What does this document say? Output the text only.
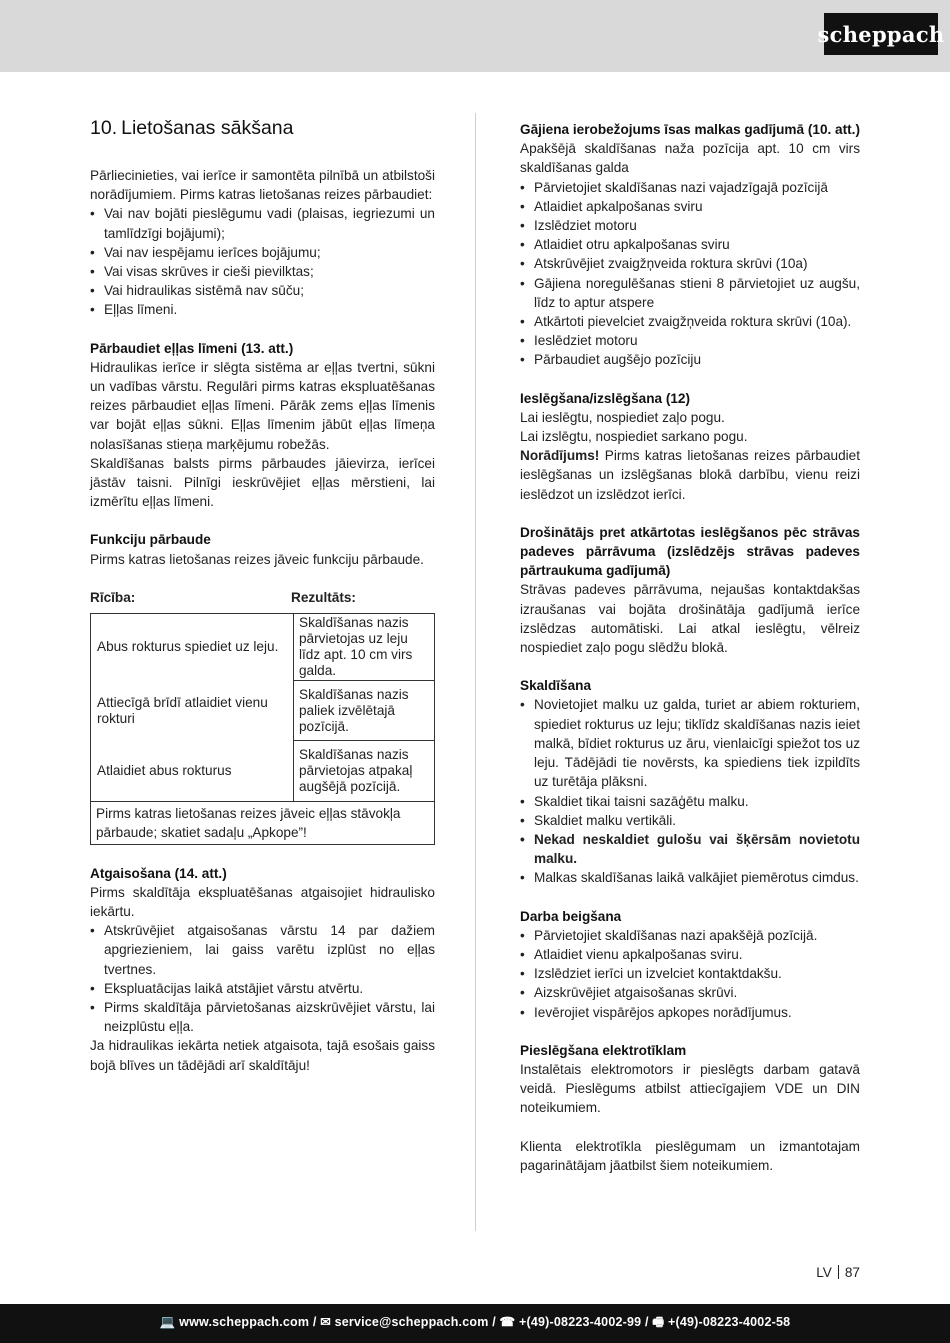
scheppach
10. Lietošanas sākšana

Pārliecinieties, vai ierīce ir samontēta pilnībā un atbilstoši norādījumiem. Pirms katras lietošanas reizes pārbaudiet:

• Vai nav bojāti pieslēgumu vadi (plaisas, iegriezumi un tamlīdzīgi bojājumi);
• Vai nav iespējamu ierīces bojājumu;
• Vai visas skrūves ir cieši pievilktas;
• Vai hidraulikas sistēmā nav sūču;
• Eļļas līmeni.
Pārbaudiet eļļas līmeni (13. att.)

Hidraulikas ierīce ir slēgta sistēma ar eļļas tvertni, sūkni un vadības vārstu. Regulāri pirms katras ekspluatēšanas reizes pārbaudiet eļļas līmeni. Pārāk zems eļļas līmenis var bojāt eļļas sūkni. Eļļas līmenim jābūt eļļas līmeņa nolasīšanas stieņa marķējumu robežās.

Skaldīšanas balsts pirms pārbaudes jāievirza, ierīcei jāstāv taisni. Pilnīgi ieskrūvējiet eļļas mērstieni, lai izmērītu eļļas līmeni.

Funkciju pārbaude

Pirms katras lietošanas reizes jāveic funkciju pārbaude.

Rīcība:	Rezultāts:
Abus rokturus spiediet uz leju.	Skaldīšanas nazis pārvietojas uz leju līdz apt. 10 cm virs galda.
Attiecīgā brīdī atlaidiet vienu rokturi	Skaldīšanas nazis paliek izvēlētajā pozīcijā.
Atlaidiet abus rokturus	Skaldīšanas nazis pārvietojas atpakaļ augšējā pozīcijā.
Pirms katras lietošanas reizes jāveic eļļas stāvokļa pārbaude; skatiet sadaļu „Apkope”!	
Atgaisošana (14. att.)

Pirms skaldītāja ekspluatēšanas atgaisojiet hidraulisko iekārtu.

• Atskrūvējiet atgaisošanas vārstu 14 par dažiem apgriezieniem, lai gaiss varētu izplūst no eļļas tvertnes.
• Ekspluatācijas laikā atstājiet vārstu atvērtu.
• Pirms skaldītāja pārvietošanas aizskrūvējiet vārstu, lai neizplūstu eļļa.

Ja hidraulikas iekārta netiek atgaisota, tajā esošais gaiss bojā blīves un tādējādi arī skaldītāju!

Gājiena ierobežojums īsas malkas gadījumā (10. att.)

Apakšējā skaldīšanas naža pozīcija apt. 10 cm virs skaldīšanas galda

• Pārvietojiet skaldīšanas nazi vajadzīgajā pozīcijā
• Atlaidiet apkalpošanas sviru
• Izslēdziet motoru
• Atlaidiet otru apkalpošanas sviru
• Atskrūvējiet zvaigžņveida roktura skrūvi (10a)
• Gājiena noregulēšanas stieni 8 pārvietojiet uz augšu, līdz to aptur atspere
• Atkārtoti pievelciet zvaigžņveida roktura skrūvi (10a).
• Ieslēdziet motoru
• Pārbaudiet augšējo pozīciju
Ieslēgšana/izslēgšana (12)

Lai ieslēgtu, nospiediet zaļo pogu.

Lai izslēgtu, nospiediet sarkano pogu.

Norādījums! Pirms katras lietošanas reizes pārbaudiet ieslēgšanas un izslēgšanas blokā darbību, vienu reizi ieslēdzot un izslēdzot ierīci.

Drošinātājs pret atkārtotas ieslēgšanos pēc strāvas padeves pārrāvuma (izslēdzējs strāvas padeves pārtraukuma gadījumā)

Strāvas padeves pārrāvuma, nejaušas kontaktdakšas izraušanas vai bojāta drošinātāja gadījumā ierīce izslēdzas automātiski. Lai atkal ieslēgtu, vēlreiz nospiediet zaļo pogu slēdžu blokā.

Skaldīšana
• Novietojiet malku uz galda, turiet ar abiem rokturiem, spiediet rokturus uz leju; tiklīdz skaldīšanas nazis ieiet malkā, bīdiet rokturus uz āru, vienlaicīgi spiežot tos uz leju. Tādējādi tie novērsts, ka spiediens tiek izpildīts uz turētāja plāksni.
• Skaldiet tikai taisni sazāģētu malku.
• Skaldiet malku vertikāli.
• Nekad neskaldiet gulošu vai šķērsām novietotu malku.
• Malkas skaldīšanas laikā valkājiet piemērotus cimdus.
Darba beigšana
• Pārvietojiet skaldīšanas nazi apakšējā pozīcijā.
• Atlaidiet vienu apkalpošanas sviru.
• Izslēdziet ierīci un izvelciet kontaktdakšu.
• Aizskrūvējiet atgaisošanas skrūvi.
• Ievērojiet vispārējos apkopes norādījumus.
Pieslēgšana elektrotīklam

Instalētais elektromotors ir pieslēgts darbam gatavā veidā. Pieslēgums atbilst attiecīgajiem VDE un DIN noteikumiem.

Klienta elektrotīkla pieslēgumam un izmantotajam pagarinātājam jāatbilst šiem noteikumiem.

LV 87
💻 www.scheppach.com / ✉ service@scheppach.com / ☎ +(49)-08223-4002-99 / 🖷 +(49)-08223-4002-58
